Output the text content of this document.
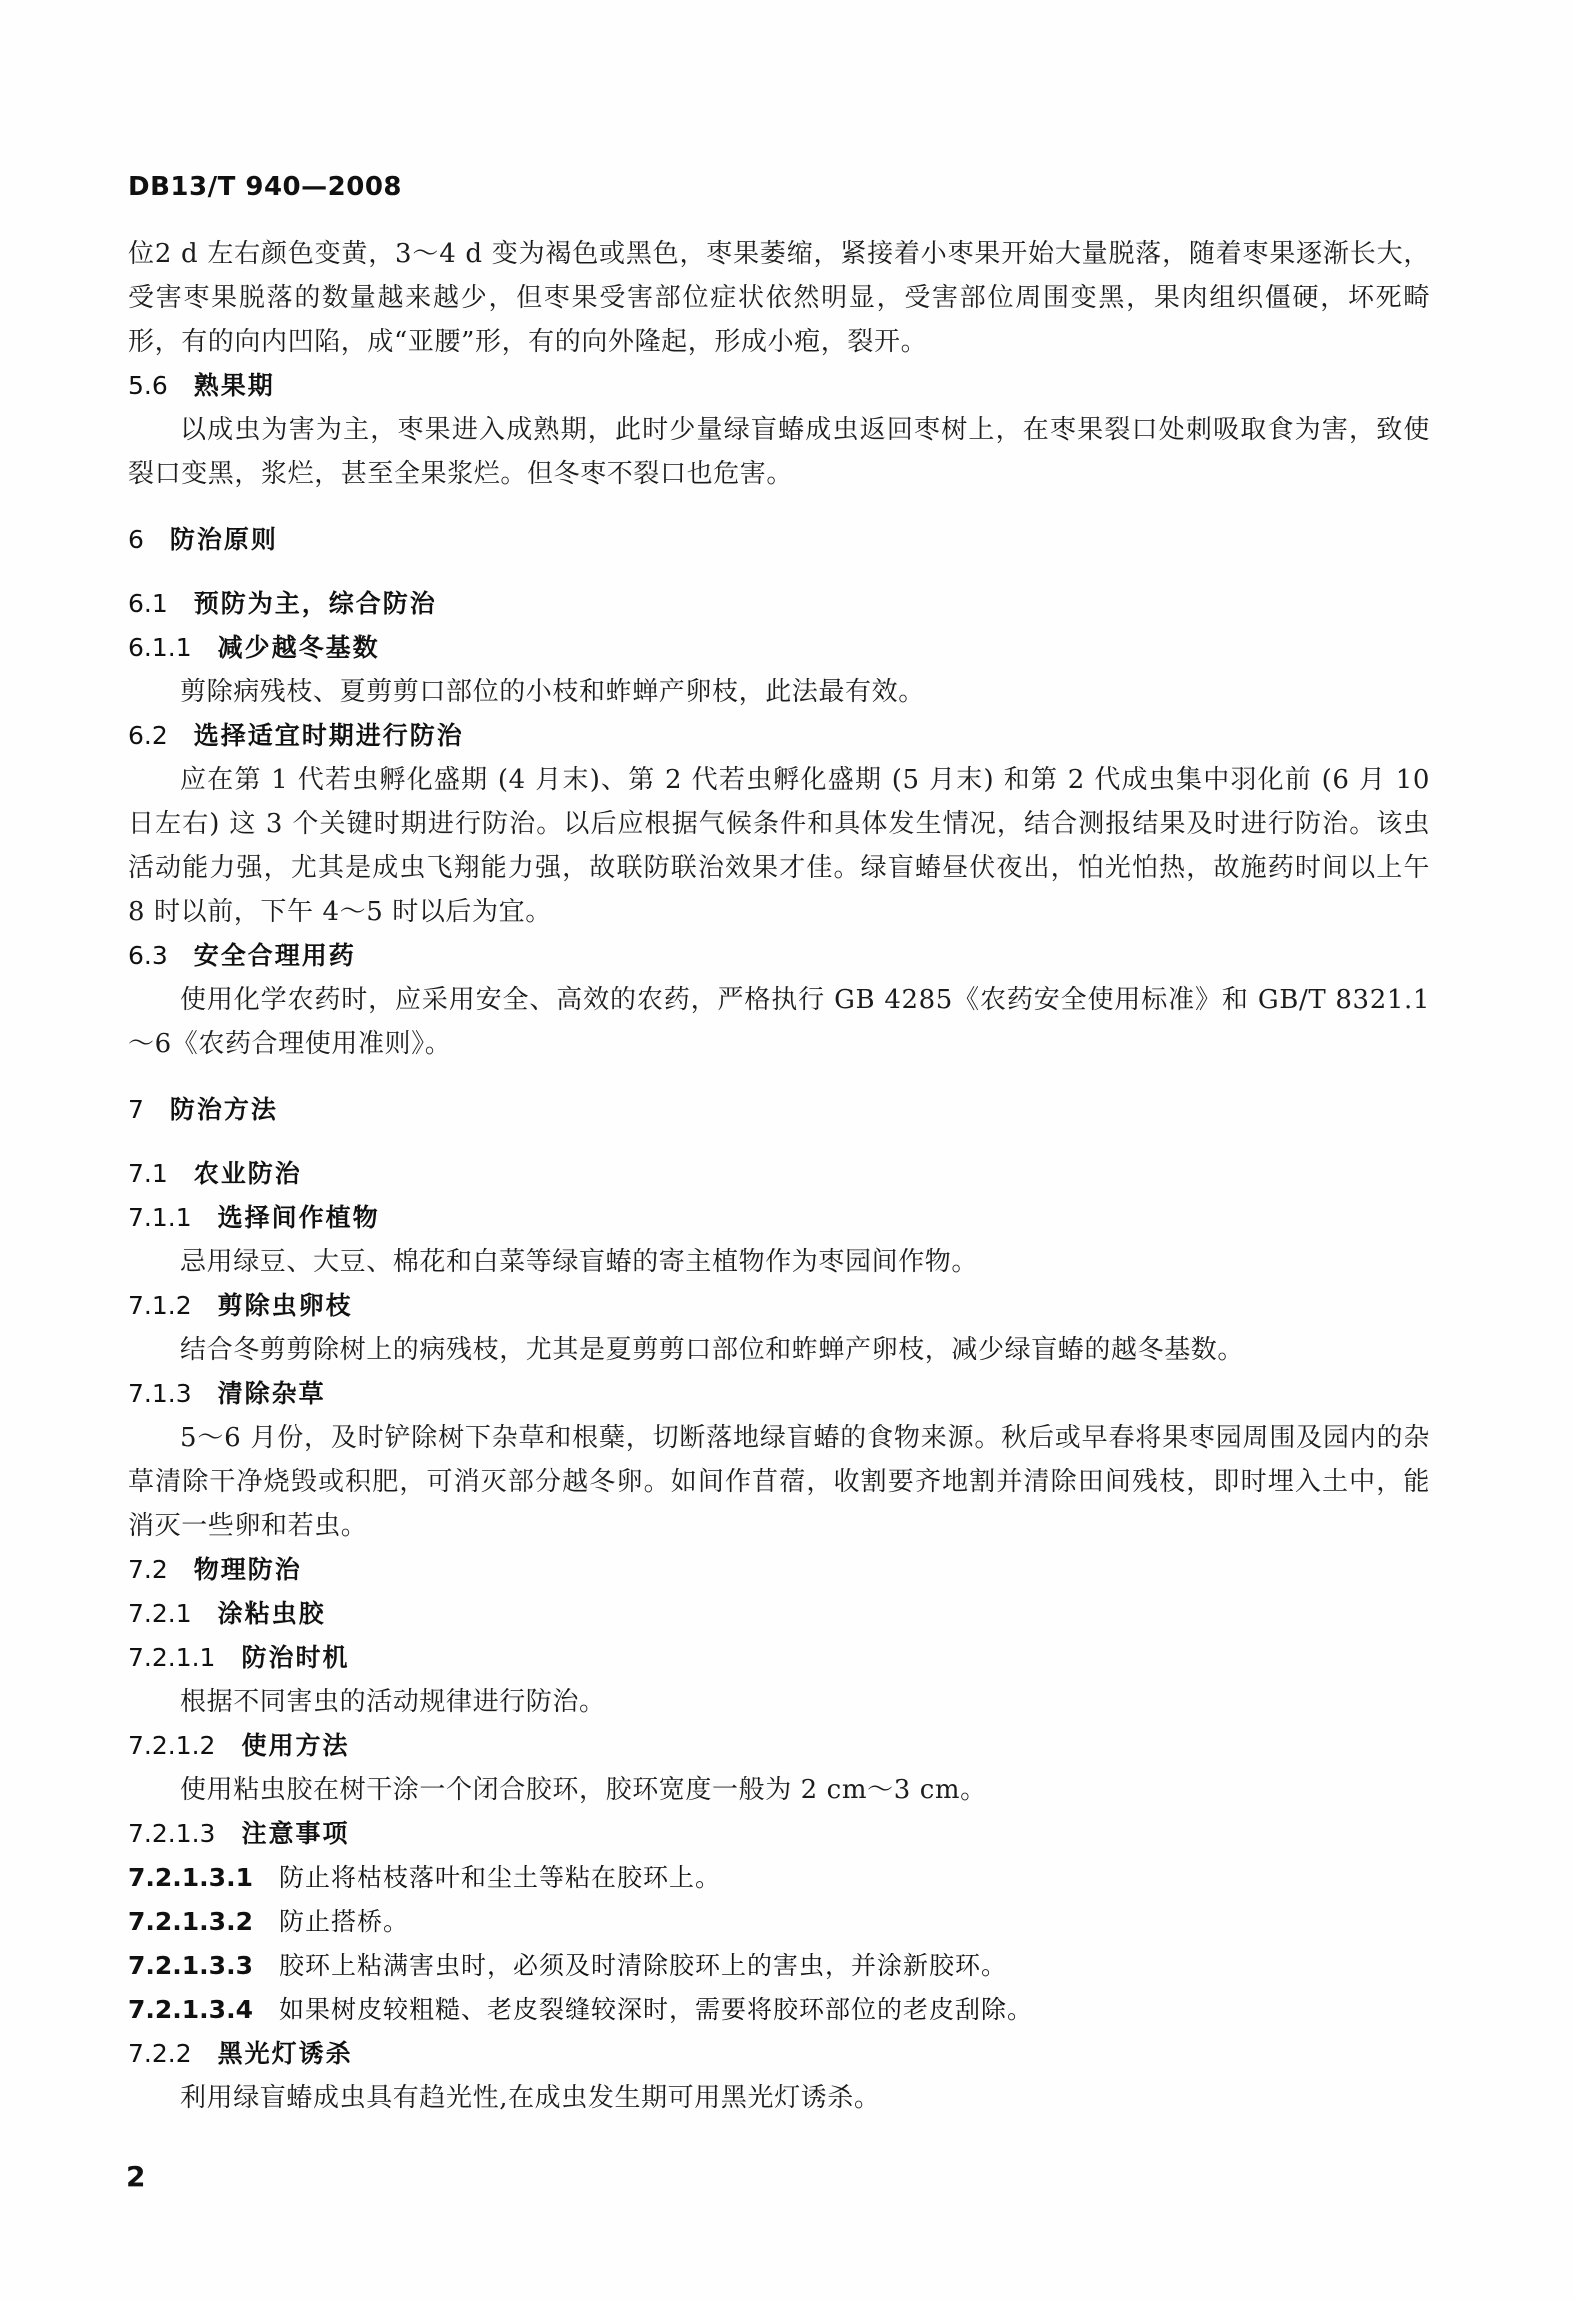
DB13/T 940—2008

位2 d 左右颜色变黄，3～4 d 变为褐色或黑色，枣果萎缩，紧接着小枣果开始大量脱落，随着枣果逐渐长大，受害枣果脱落的数量越来越少，但枣果受害部位症状依然明显，受害部位周围变黑，果肉组织僵硬，坏死畸形，有的向内凹陷，成“亚腰”形，有的向外隆起，形成小疱，裂开。

5.6 熟果期

以成虫为害为主，枣果进入成熟期，此时少量绿盲蝽成虫返回枣树上，在枣果裂口处刺吸取食为害，致使裂口变黑，浆烂，甚至全果浆烂。但冬枣不裂口也危害。

6 防治原则
6.1 预防为主，综合防治
6.1.1 减少越冬基数

剪除病残枝、夏剪剪口部位的小枝和蚱蝉产卵枝，此法最有效。

6.2 选择适宜时期进行防治

应在第 1 代若虫孵化盛期 (4 月末)、第 2 代若虫孵化盛期 (5 月末) 和第 2 代成虫集中羽化前 (6 月 10 日左右) 这 3 个关键时期进行防治。以后应根据气候条件和具体发生情况，结合测报结果及时进行防治。该虫活动能力强，尤其是成虫飞翔能力强，故联防联治效果才佳。绿盲蝽昼伏夜出，怕光怕热，故施药时间以上午 8 时以前，下午 4～5 时以后为宜。

6.3 安全合理用药

使用化学农药时，应采用安全、高效的农药，严格执行 GB 4285《农药安全使用标准》和 GB/T 8321.1～6《农药合理使用准则》。

7 防治方法
7.1 农业防治
7.1.1 选择间作植物

忌用绿豆、大豆、棉花和白菜等绿盲蝽的寄主植物作为枣园间作物。

7.1.2 剪除虫卵枝

结合冬剪剪除树上的病残枝，尤其是夏剪剪口部位和蚱蝉产卵枝，减少绿盲蝽的越冬基数。

7.1.3 清除杂草

5～6 月份，及时铲除树下杂草和根蘖，切断落地绿盲蝽的食物来源。秋后或早春将果枣园周围及园内的杂草清除干净烧毁或积肥，可消灭部分越冬卵。如间作苜蓿，收割要齐地割并清除田间残枝，即时埋入土中，能消灭一些卵和若虫。

7.2 物理防治
7.2.1 涂粘虫胶
7.2.1.1 防治时机

根据不同害虫的活动规律进行防治。

7.2.1.2 使用方法

使用粘虫胶在树干涂一个闭合胶环，胶环宽度一般为 2 cm～3 cm。

7.2.1.3 注意事项
7.2.1.3.1 防止将枯枝落叶和尘土等粘在胶环上。
7.2.1.3.2 防止搭桥。
7.2.1.3.3 胶环上粘满害虫时，必须及时清除胶环上的害虫，并涂新胶环。
7.2.1.3.4 如果树皮较粗糙、老皮裂缝较深时，需要将胶环部位的老皮刮除。
7.2.2 黑光灯诱杀

利用绿盲蝽成虫具有趋光性,在成虫发生期可用黑光灯诱杀。

2
